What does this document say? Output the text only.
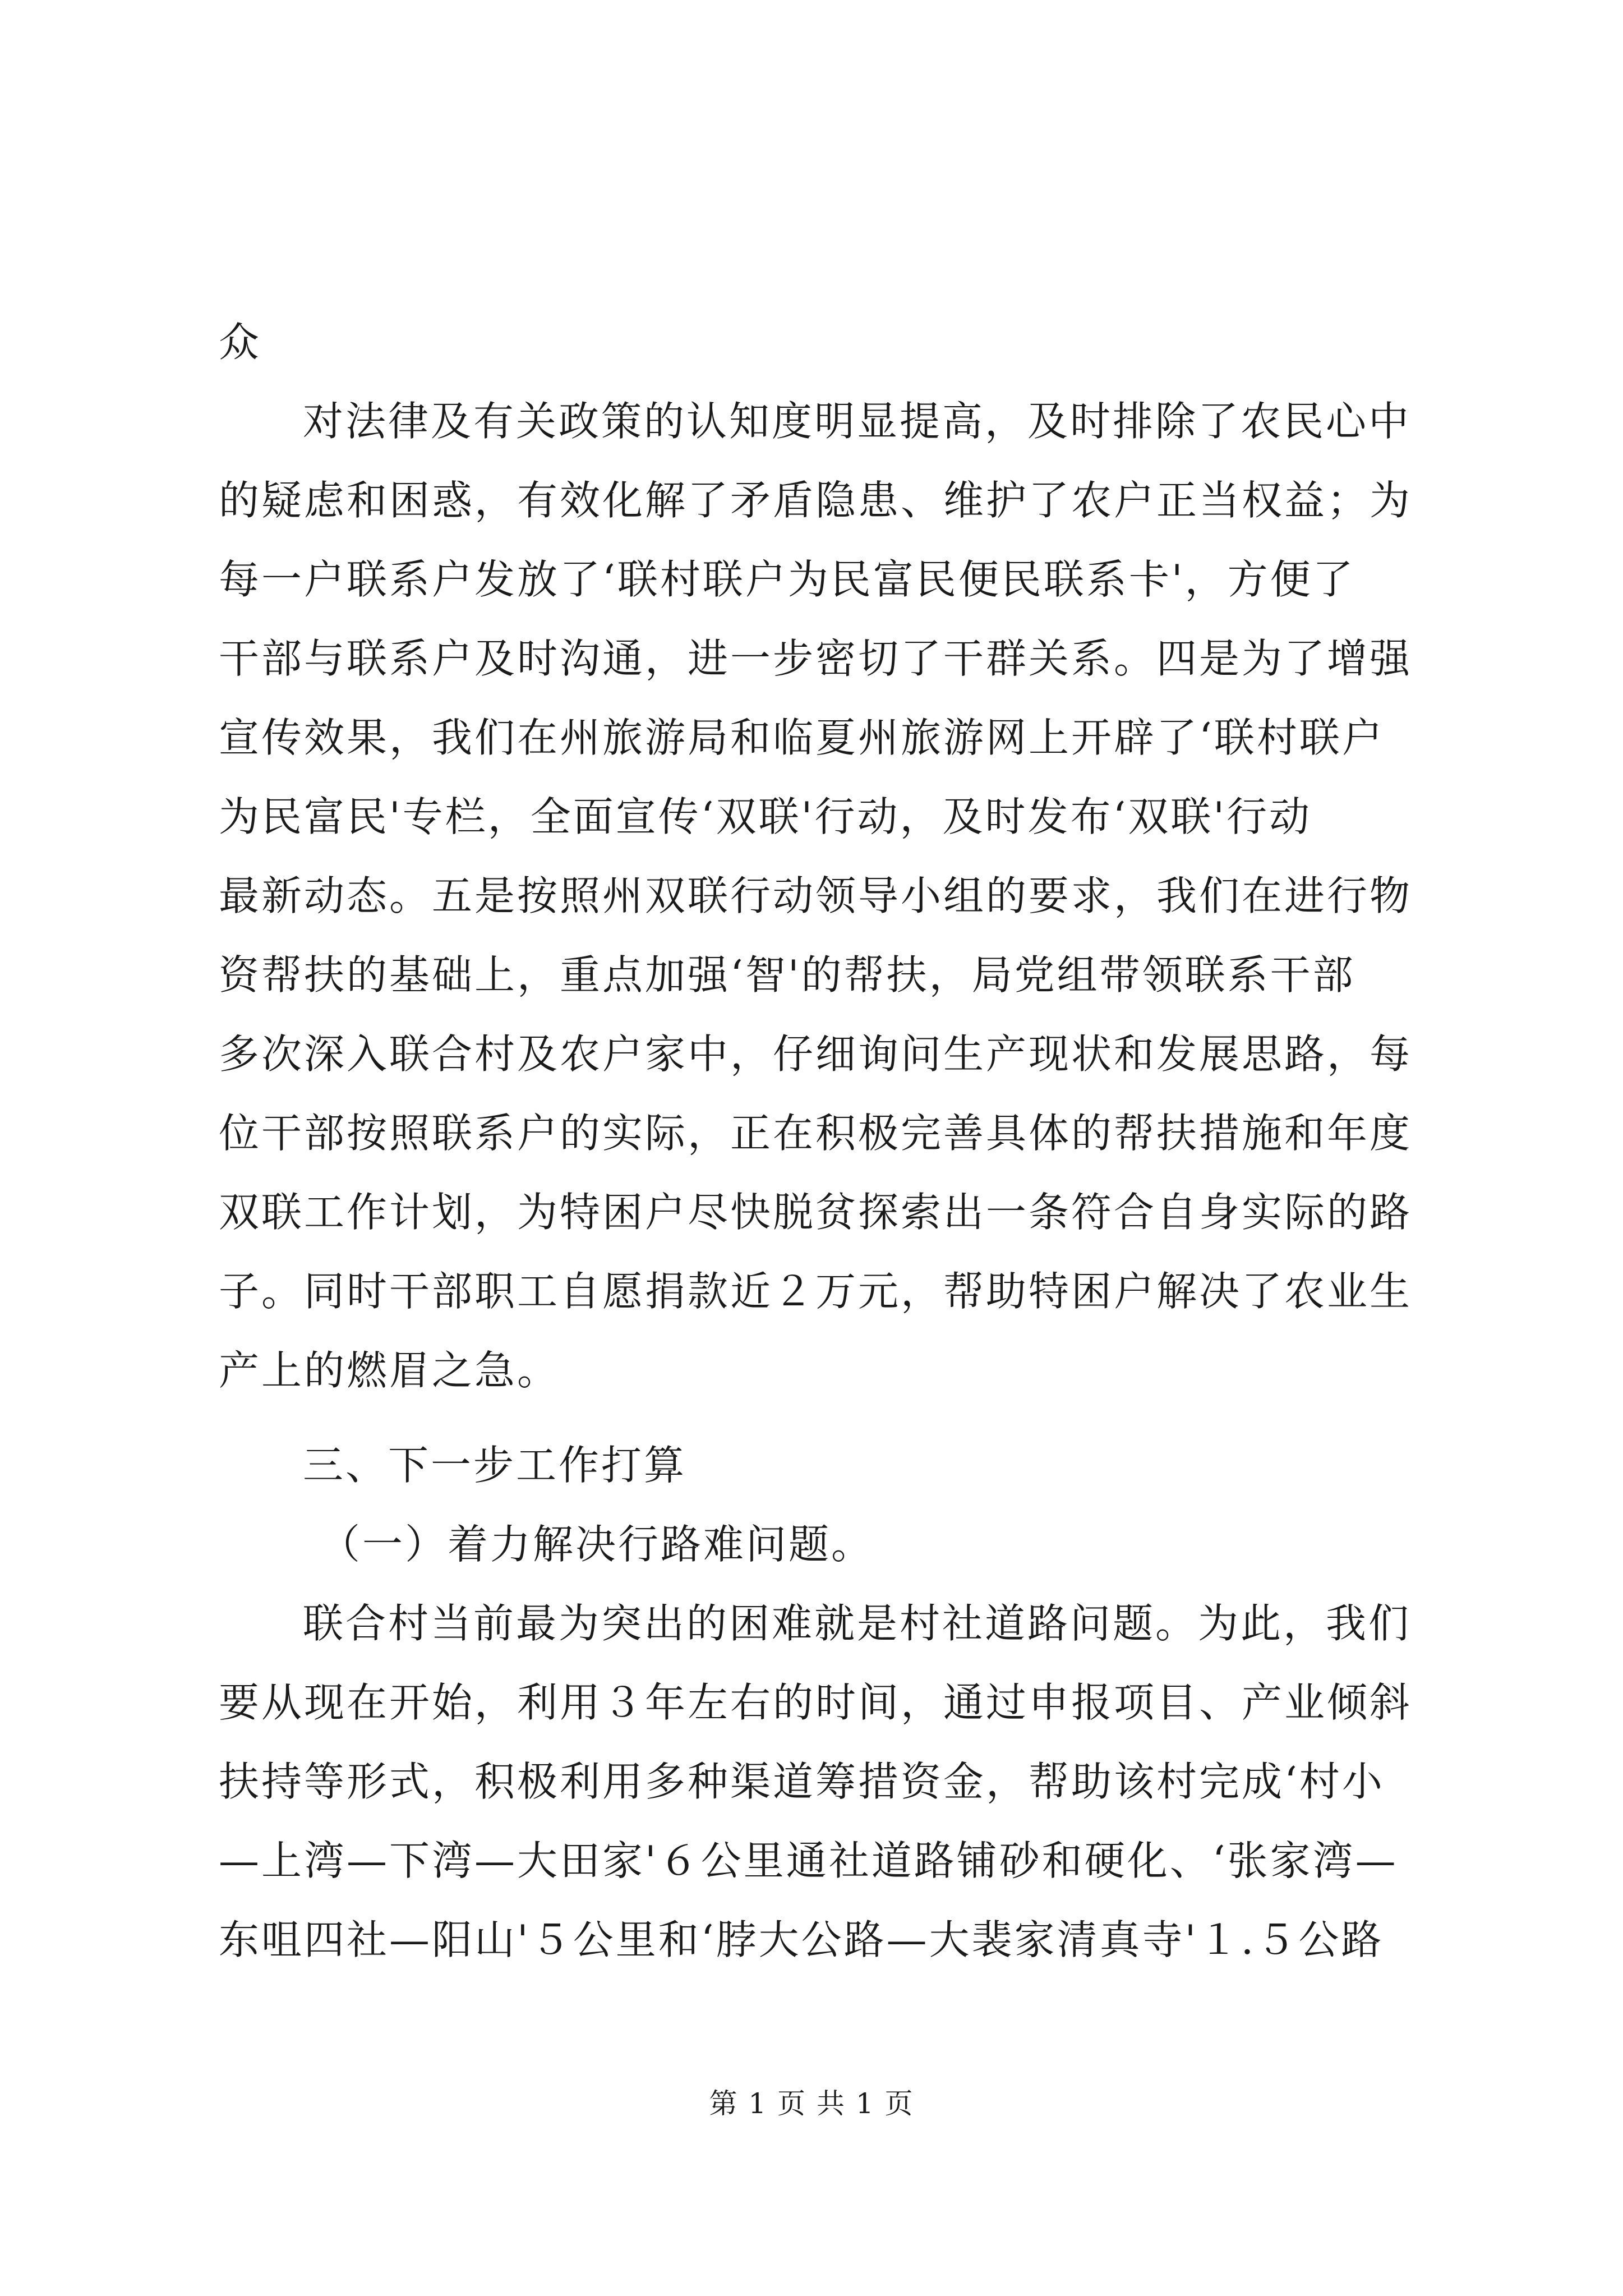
众
对法律及有关政策的认知度明显提高，及时排除了农民心中
的疑虑和困惑，有效化解了矛盾隐患、维护了农户正当权益；为
每一户联系户发放了‘联村联户为民富民便民联系卡'，方便了
干部与联系户及时沟通，进一步密切了干群关系。四是为了增强
宣传效果，我们在州旅游局和临夏州旅游网上开辟了‘联村联户
为民富民'专栏，全面宣传‘双联'行动，及时发布‘双联'行动
最新动态。五是按照州双联行动领导小组的要求，我们在进行物
资帮扶的基础上，重点加强‘智'的帮扶，局党组带领联系干部
多次深入联合村及农户家中，仔细询问生产现状和发展思路，每
位干部按照联系户的实际，正在积极完善具体的帮扶措施和年度
双联工作计划，为特困户尽快脱贫探索出一条符合自身实际的路
子。同时干部职工自愿捐款近２万元，帮助特困户解决了农业生
产上的燃眉之急。
三、下一步工作打算
（一）着力解决行路难问题。
联合村当前最为突出的困难就是村社道路问题。为此，我们
要从现在开始，利用３年左右的时间，通过申报项目、产业倾斜
扶持等形式，积极利用多种渠道筹措资金，帮助该村完成‘村小
—上湾—下湾—大田家'６公里通社道路铺砂和硬化、‘张家湾—
东咀四社—阳山'５公里和‘脖大公路—大裴家清真寺'１.５公路
第 1 页 共 1 页
